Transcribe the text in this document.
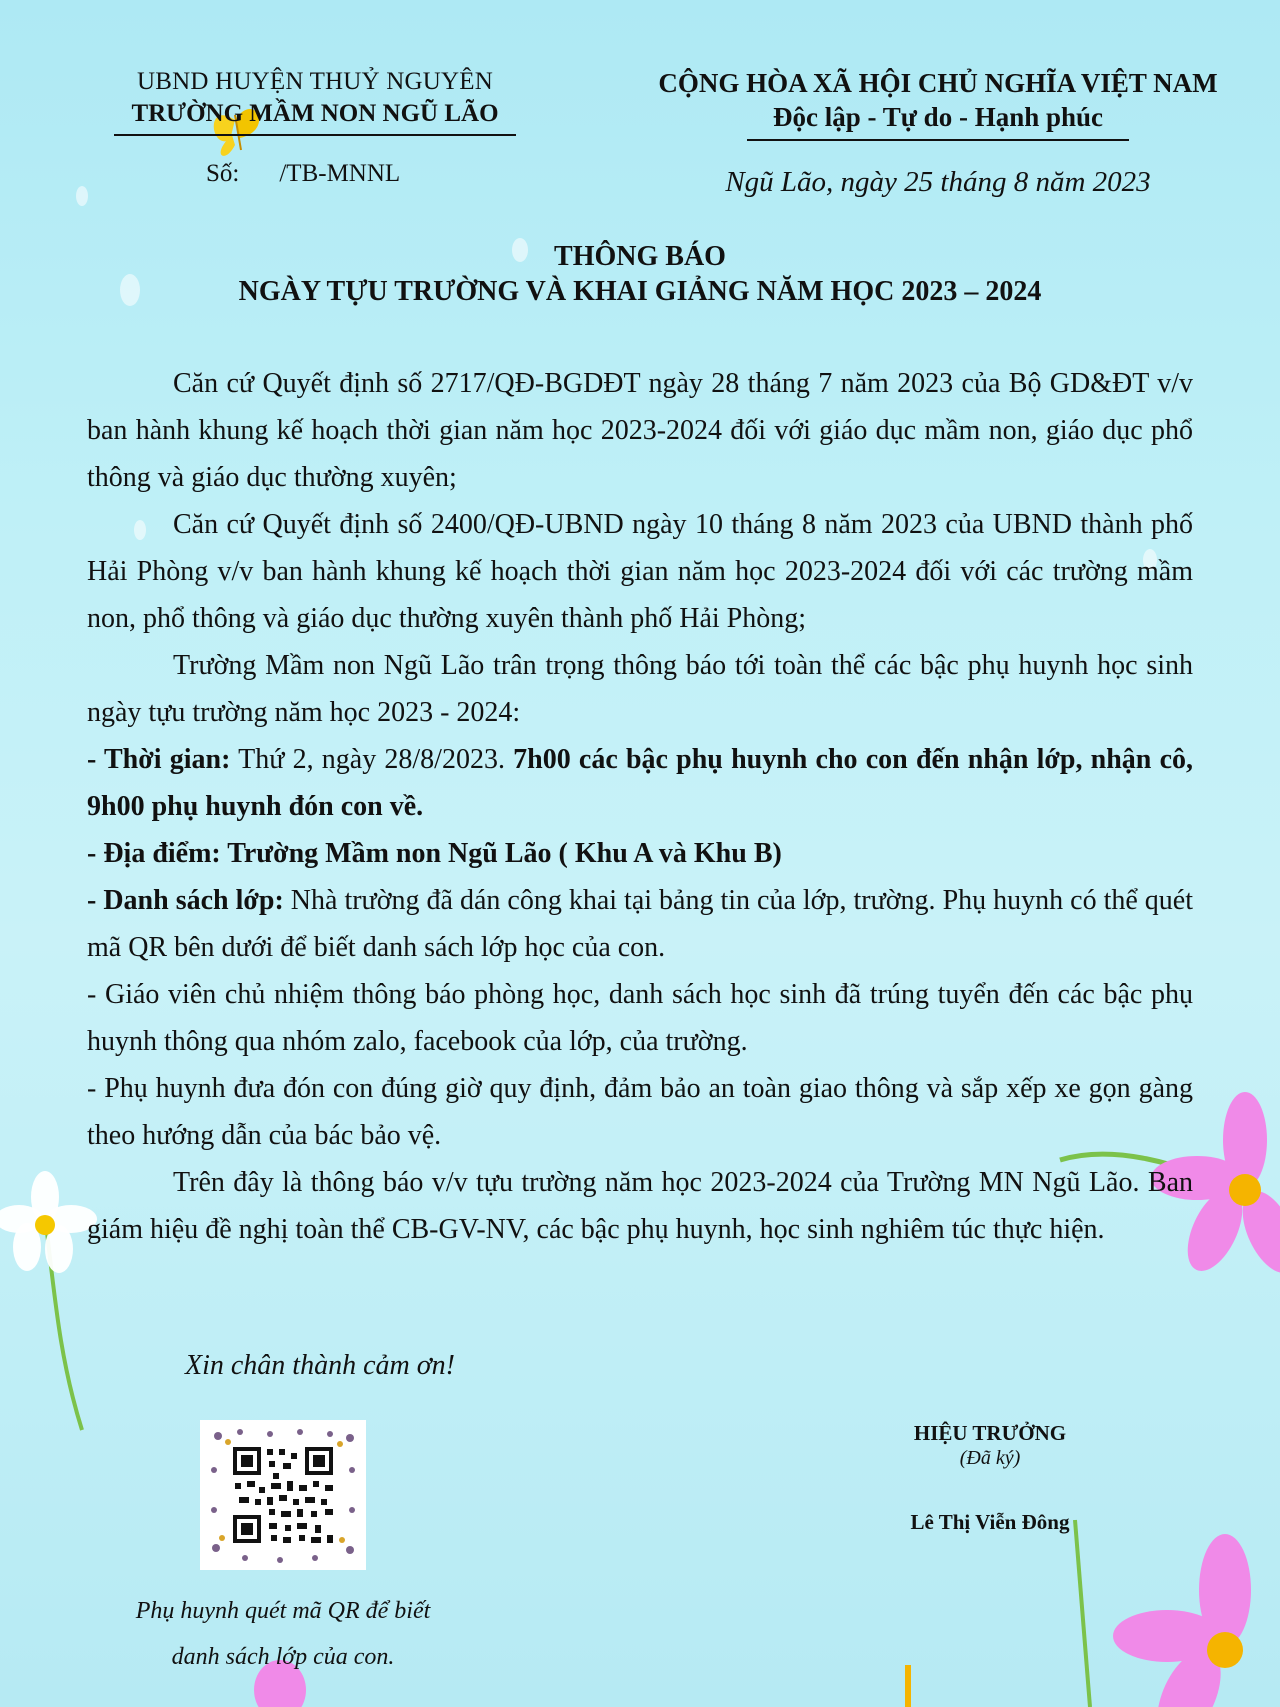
UBND HUYỆN THUỶ NGUYÊN
TRƯỜNG MẦM NON NGŨ LÃO
Số: /TB-MNNL
CỘNG HÒA XÃ HỘI CHỦ NGHĨA VIỆT NAM
Độc lập - Tự do - Hạnh phúc
Ngũ Lão, ngày 25 tháng 8 năm 2023
THÔNG BÁO
NGÀY TỰU TRƯỜNG VÀ KHAI GIẢNG NĂM HỌC 2023 – 2024

Căn cứ Quyết định số 2717/QĐ-BGDĐT ngày 28 tháng 7 năm 2023 của Bộ GD&ĐT v/v ban hành khung kế hoạch thời gian năm học 2023-2024 đối với giáo dục mầm non, giáo dục phổ thông và giáo dục thường xuyên;

Căn cứ Quyết định số 2400/QĐ-UBND ngày 10 tháng 8 năm 2023 của UBND thành phố Hải Phòng v/v ban hành khung kế hoạch thời gian năm học 2023-2024 đối với các trường mầm non, phổ thông và giáo dục thường xuyên thành phố Hải Phòng;

Trường Mầm non Ngũ Lão trân trọng thông báo tới toàn thể các bậc phụ huynh học sinh ngày tựu trường năm học 2023 - 2024:

- Thời gian: Thứ 2, ngày 28/8/2023. 7h00 các bậc phụ huynh cho con đến nhận lớp, nhận cô, 9h00 phụ huynh đón con về.

- Địa điểm: Trường Mầm non Ngũ Lão ( Khu A và Khu B)

- Danh sách lớp: Nhà trường đã dán công khai tại bảng tin của lớp, trường. Phụ huynh có thể quét mã QR bên dưới để biết danh sách lớp học của con.

- Giáo viên chủ nhiệm thông báo phòng học, danh sách học sinh đã trúng tuyển đến các bậc phụ huynh thông qua nhóm zalo, facebook của lớp, của trường.

- Phụ huynh đưa đón con đúng giờ quy định, đảm bảo an toàn giao thông và sắp xếp xe gọn gàng theo hướng dẫn của bác bảo vệ.

Trên đây là thông báo v/v tựu trường năm học 2023-2024 của Trường MN Ngũ Lão. Ban giám hiệu đề nghị toàn thể CB-GV-NV, các bậc phụ huynh, học sinh nghiêm túc thực hiện.

Xin chân thành cảm ơn!
Phụ huynh quét mã QR để biết
danh sách lớp của con.
HIỆU TRƯỞNG
(Đã ký)
Lê Thị Viễn Đông
